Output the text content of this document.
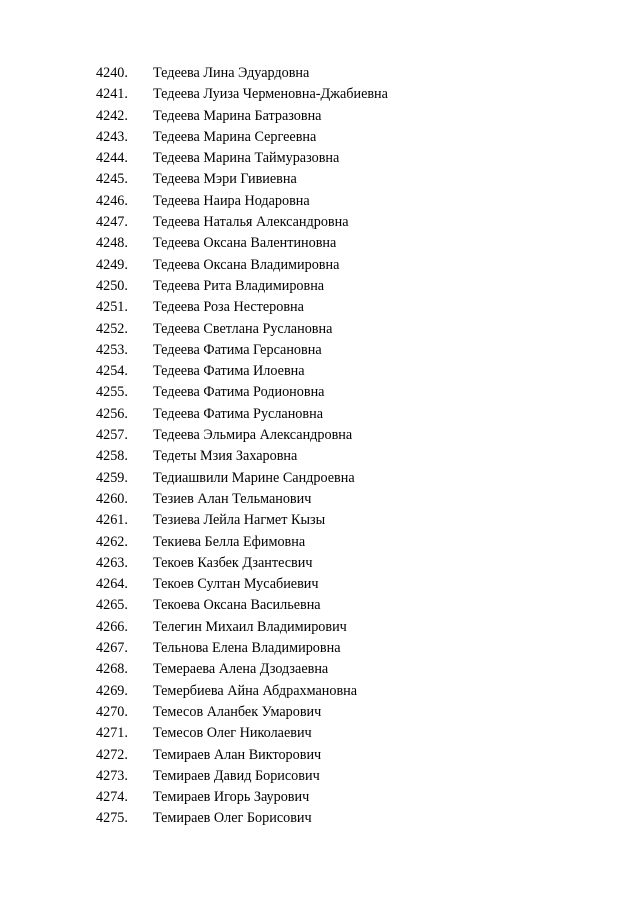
4240. Тедеева Лина Эдуардовна
4241. Тедеева Луиза Черменовна-Джабиевна
4242. Тедеева Марина Батразовна
4243. Тедеева Марина Сергеевна
4244. Тедеева Марина Таймуразовна
4245. Тедеева Мэри Гивиевна
4246. Тедеева Наира Нодаровна
4247. Тедеева Наталья Александровна
4248. Тедеева Оксана Валентиновна
4249. Тедеева Оксана Владимировна
4250. Тедеева Рита Владимировна
4251. Тедеева Роза Нестеровна
4252. Тедеева Светлана Руслановна
4253. Тедеева Фатима Герсановна
4254. Тедеева Фатима Илоевна
4255. Тедеева Фатима Родионовна
4256. Тедеева Фатима Руслановна
4257. Тедеева Эльмира Александровна
4258. Тедеты Мзия Захаровна
4259. Тедиашвили Марине Сандроевна
4260. Тезиев Алан Тельманович
4261. Тезиева Лейла Нагмет Кызы
4262. Текиева Белла Ефимовна
4263. Текоев Казбек Дзантесвич
4264. Текоев Султан Мусабиевич
4265. Текоева Оксана Васильевна
4266. Телегин Михаил Владимирович
4267. Тельнова Елена Владимировна
4268. Темераева Алена Дзодзаевна
4269. Темербиева Айна Абдрахмановна
4270. Темесов Аланбек Умарович
4271. Темесов Олег Николаевич
4272. Темираев Алан Викторович
4273. Темираев Давид Борисович
4274. Темираев Игорь Заурович
4275. Темираев Олег Борисович
